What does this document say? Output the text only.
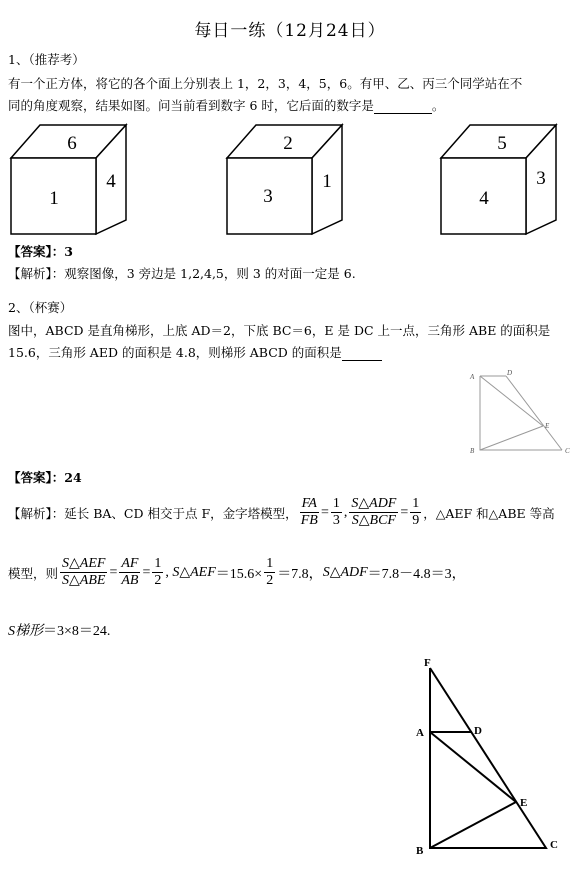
每日一练（12月24日）
1、（推荐考）
有一个正方体，将它的各个面上分别表上 1，2，3，4，5，6。有甲、乙、丙三个同学站在不
同的角度观察，结果如图。问当前看到数字 6 时，它后面的数字是	。
6
1
4
2
3
1
5
4
3
【答案】：3
【解析】：观察图像，3 旁边是 1,2,4,5，则 3 的对面一定是 6.
2、（杯赛）
图中，ABCD 是直角梯形，上底 AD＝2，下底 BC＝6，E 是 DC 上一点，三角形 ABE 的面积是
15.6，三角形 AED 的面积是 4.8，则梯形 ABCD 的面积是
A	D
B	C
E
【答案】：24
【解析】：延长 BA、CD 相交于点 F，金字塔模型， $\frac{FA}{FB} = \frac{1}{3}$ , $\frac{\text{S△ADF}}{\text{S△BCF}} = \frac{1}{9}$ ，△AEF 和△ABE 等高
模型，则 $\frac{\text{S△AEF}}{\text{S△ABE}} = \frac{AF}{AB} = \frac{1}{2}$ , S△AEF $=15.6\times \frac{1}{2} =7.8$， S△ADF ＝7.8－4.8＝3，
S梯形＝3×8＝24.
F
A	D
E
B	C
